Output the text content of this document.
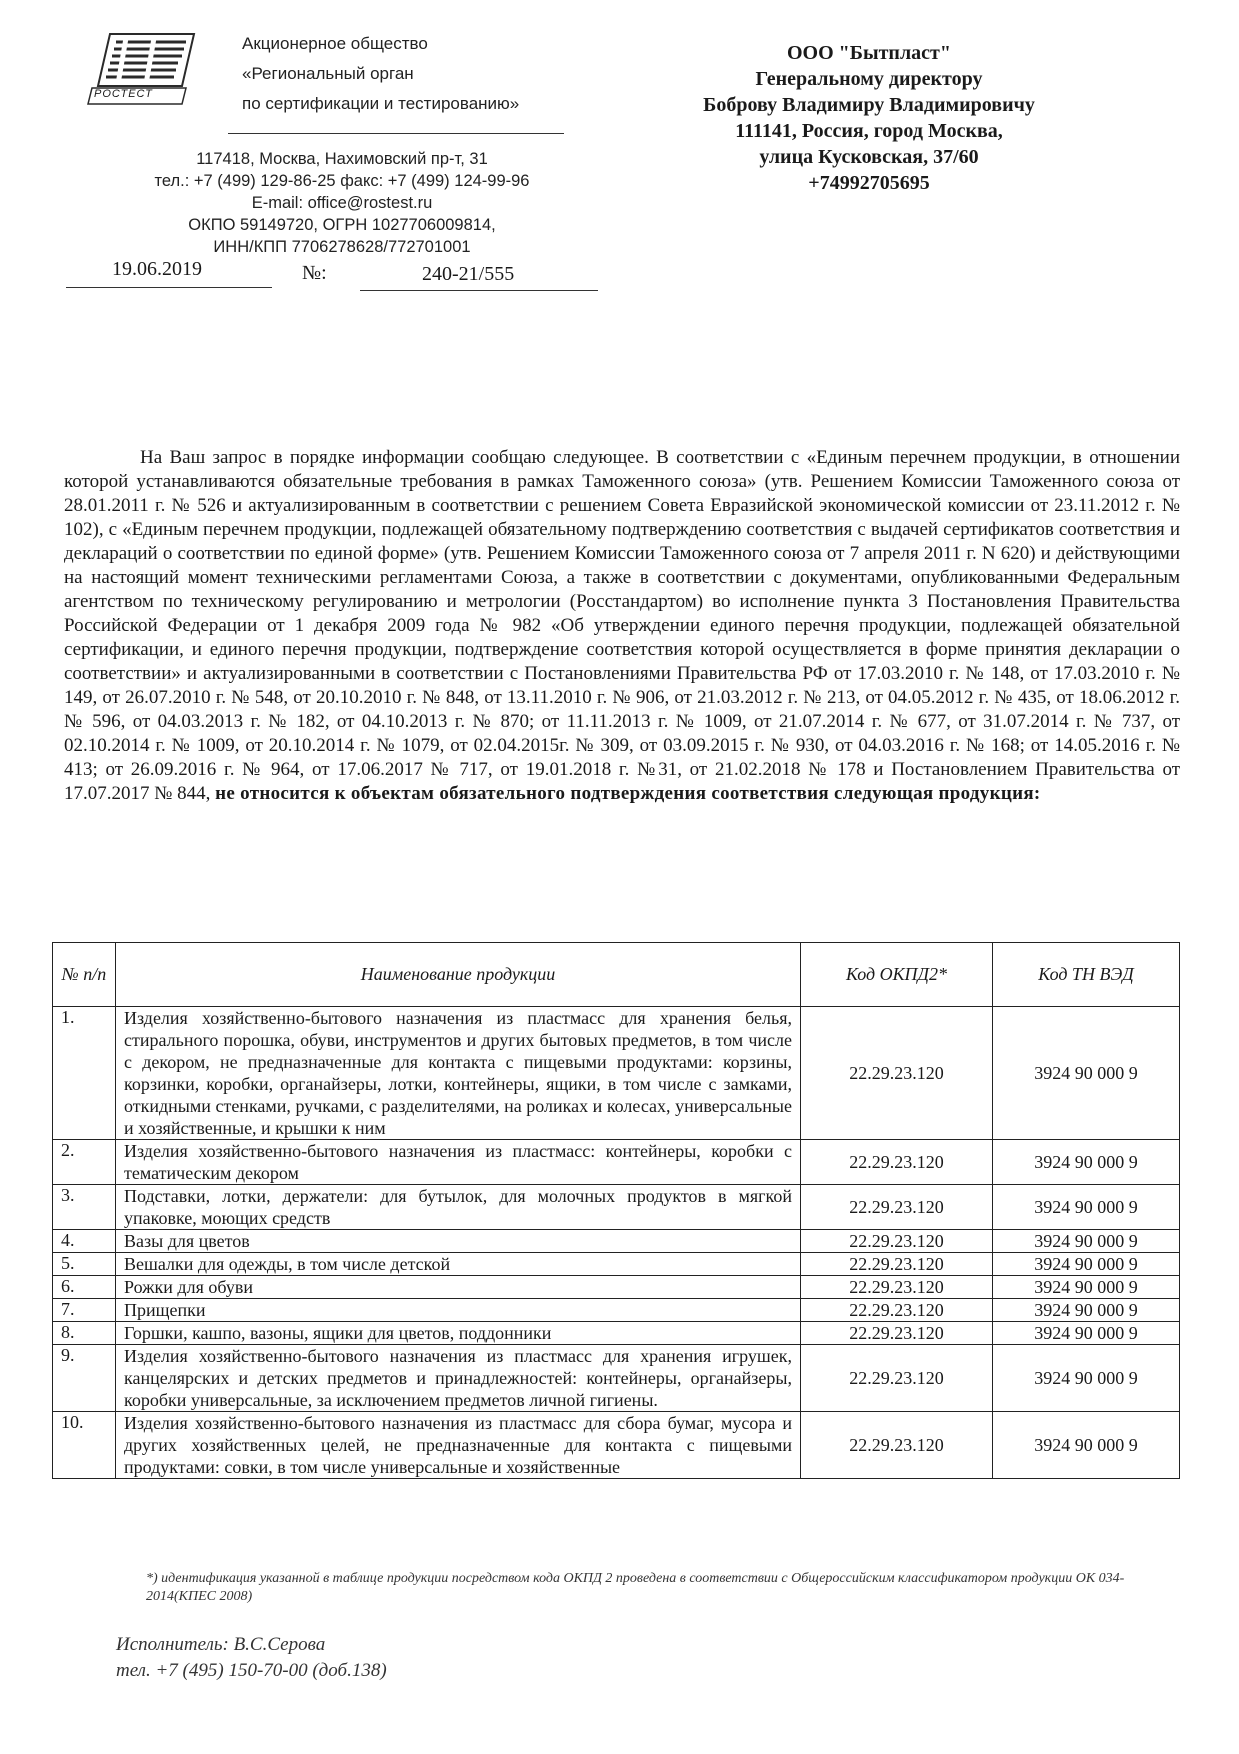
РОСТЕСТ
Акционерное общество
«Региональный орган
по сертификации и тестированию»
117418, Москва, Нахимовский пр-т, 31
тел.: +7 (499) 129-86-25 факс: +7 (499) 124-99-96
E-mail: office@rostest.ru
ОКПО 59149720, ОГРН 1027706009814,
ИНН/КПП 7706278628/772701001
19.06.2019	№:	240-21/555
ООО "Бытпласт"
Генеральному директору
Боброву Владимиру Владимировичу
111141, Россия, город Москва,
улица Кусковская, 37/60
+74992705695
На Ваш запрос в порядке информации сообщаю следующее. В соответствии с «Единым перечнем продукции, в отношении которой устанавливаются обязательные требования в рамках Таможенного союза» (утв. Решением Комиссии Таможенного союза от 28.01.2011 г. № 526 и актуализированным в соответствии с решением Совета Евразийской экономической комиссии от 23.11.2012 г. № 102), с «Единым перечнем продукции, подлежащей обязательному подтверждению соответствия с выдачей сертификатов соответствия и деклараций о соответствии по единой форме» (утв. Решением Комиссии Таможенного союза от 7 апреля 2011 г. N 620) и действующими на настоящий момент техническими регламентами Союза, а также в соответствии с документами, опубликованными Федеральным агентством по техническому регулированию и метрологии (Росстандартом) во исполнение пункта 3 Постановления Правительства Российской Федерации от 1 декабря 2009 года № 982 «Об утверждении единого перечня продукции, подлежащей обязательной сертификации, и единого перечня продукции, подтверждение соответствия которой осуществляется в форме принятия декларации о соответствии» и актуализированными в соответствии с Постановлениями Правительства РФ от 17.03.2010 г. № 148, от 17.03.2010 г. № 149, от 26.07.2010 г. № 548, от 20.10.2010 г. № 848, от 13.11.2010 г. № 906, от 21.03.2012 г. № 213, от 04.05.2012 г. № 435, от 18.06.2012 г. № 596, от 04.03.2013 г. № 182, от 04.10.2013 г. № 870; от 11.11.2013 г. № 1009, от 21.07.2014 г. № 677, от 31.07.2014 г. № 737, от 02.10.2014 г. № 1009, от 20.10.2014 г. № 1079, от 02.04.2015г. № 309, от 03.09.2015 г. № 930, от 04.03.2016 г. № 168; от 14.05.2016 г. № 413; от 26.09.2016 г. № 964, от 17.06.2017 № 717, от 19.01.2018 г. №31, от 21.02.2018 № 178 и Постановлением Правительства от 17.07.2017 № 844, не относится к объектам обязательного подтверждения соответствия следующая продукция:
№ п/п	Наименование продукции	Код ОКПД2*	Код ТН ВЭД
1.	Изделия хозяйственно-бытового назначения из пластмасс для хранения белья, стирального порошка, обуви, инструментов и других бытовых предметов, в том числе с декором, не предназначенные для контакта с пищевыми продуктами: корзины, корзинки, коробки, органайзеры, лотки, контейнеры, ящики, в том числе с замками, откидными стенками, ручками, с разделителями, на роликах и колесах, универсальные и хозяйственные, и крышки к ним	22.29.23.120	3924 90 000 9
2.	Изделия хозяйственно-бытового назначения из пластмасс: контейнеры, коробки с тематическим декором	22.29.23.120	3924 90 000 9
3.	Подставки, лотки, держатели: для бутылок, для молочных продуктов в мягкой упаковке, моющих средств	22.29.23.120	3924 90 000 9
4.	Вазы для цветов	22.29.23.120	3924 90 000 9
5.	Вешалки для одежды, в том числе детской	22.29.23.120	3924 90 000 9
6.	Рожки для обуви	22.29.23.120	3924 90 000 9
7.	Прищепки	22.29.23.120	3924 90 000 9
8.	Горшки, кашпо, вазоны, ящики для цветов, поддонники	22.29.23.120	3924 90 000 9
9.	Изделия хозяйственно-бытового назначения из пластмасс для хранения игрушек, канцелярских и детских предметов и принадлежностей: контейнеры, органайзеры, коробки универсальные, за исключением предметов личной гигиены.	22.29.23.120	3924 90 000 9
10.	Изделия хозяйственно-бытового назначения из пластмасс для сбора бумаг, мусора и других хозяйственных целей, не предназначенные для контакта с пищевыми продуктами: совки, в том числе универсальные и хозяйственные	22.29.23.120	3924 90 000 9
*) идентификация указанной в таблице продукции посредством кода ОКПД 2 проведена в соответствии с Общероссийским классификатором продукции ОК 034-2014(КПЕС 2008)
Исполнитель: В.С.Серова
тел. +7 (495) 150-70-00 (доб.138)
